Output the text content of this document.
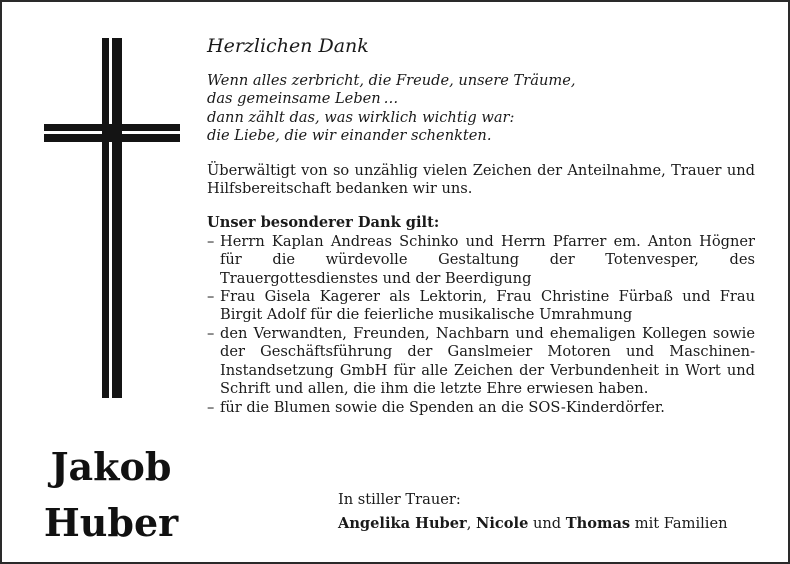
Jakob
Huber
Herzlichen Dank
Wenn alles zerbricht, die Freude, unsere Träume,
das gemeinsame Leben …
dann zählt das, was wirklich wichtig war:
die Liebe, die wir einander schenkten.
Überwältigt von so unzählig vielen Zeichen der Anteilnahme, Trauer und Hilfsbereitschaft bedanken wir uns.
Unser besonderer Dank gilt:
– Herrn Kaplan Andreas Schinko und Herrn Pfarrer em. Anton Högner für die würdevolle Gestaltung der Totenvesper, des Trauergottesdienstes und der Beerdigung
– Frau Gisela Kagerer als Lektorin, Frau Christine Fürbaß und Frau Birgit Adolf für die feierliche musikalische Umrahmung
– den Verwandten, Freunden, Nachbarn und ehemaligen Kollegen sowie der Geschäftsführung der Ganslmeier Motoren und Maschinen-Instandsetzung GmbH für alle Zeichen der Verbundenheit in Wort und Schrift und allen, die ihm die letzte Ehre erwiesen haben.
– für die Blumen sowie die Spenden an die SOS-Kinderdörfer.
In stiller Trauer:
Angelika Huber, Nicole und Thomas mit Familien
